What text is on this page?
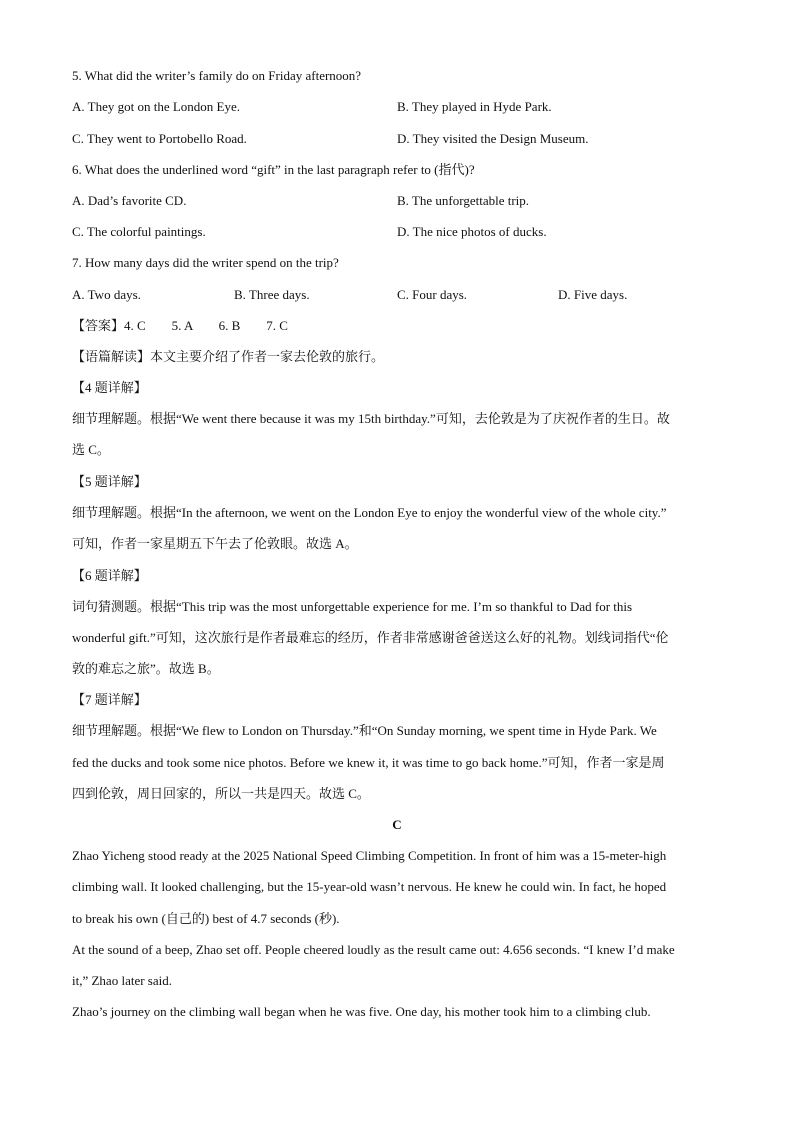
5. What did the writer’s family do on Friday afternoon?
A. They got on the London Eye.	B. They played in Hyde Park.
C. They went to Portobello Road.	D. They visited the Design Museum.
6. What does the underlined word “gift” in the last paragraph refer to (指代)?
A. Dad’s favorite CD.	B. The unforgettable trip.
C. The colorful paintings.	D. The nice photos of ducks.
7. How many days did the writer spend on the trip?
A. Two days.	B. Three days.	C. Four days.	D. Five days.
【答案】4. C        5. A        6. B        7. C
【语篇解读】本文主要介绍了作者一家去伦敦的旅行。
【4 题详解】
细节理解题。根据“We went there because it was my 15th birthday.”可知，去伦敦是为了庆祝作者的生日。故
选 C。
【5 题详解】
细节理解题。根据“In the afternoon, we went on the London Eye to enjoy the wonderful view of the whole city.”
可知，作者一家星期五下午去了伦敦眼。故选 A。
【6 题详解】
词句猜测题。根据“This trip was the most unforgettable experience for me. I’m so thankful to Dad for this
wonderful gift.”可知，这次旅行是作者最难忘的经历，作者非常感谢爸爸送这么好的礼物。划线词指代“伦
敦的难忘之旅”。故选 B。
【7 题详解】
细节理解题。根据“We flew to London on Thursday.”和“On Sunday morning, we spent time in Hyde Park. We
fed the ducks and took some nice photos. Before we knew it, it was time to go back home.”可知，作者一家是周
四到伦敦，周日回家的，所以一共是四天。故选 C。
C
Zhao Yicheng stood ready at the 2025 National Speed Climbing Competition. In front of him was a 15-meter-high
climbing wall. It looked challenging, but the 15-year-old wasn’t nervous. He knew he could win. In fact, he hoped
to break his own (自己的) best of 4.7 seconds (秒).
At the sound of a beep, Zhao set off. People cheered loudly as the result came out: 4.656 seconds. “I knew I’d make
it,” Zhao later said.
Zhao’s journey on the climbing wall began when he was five. One day, his mother took him to a climbing club.
